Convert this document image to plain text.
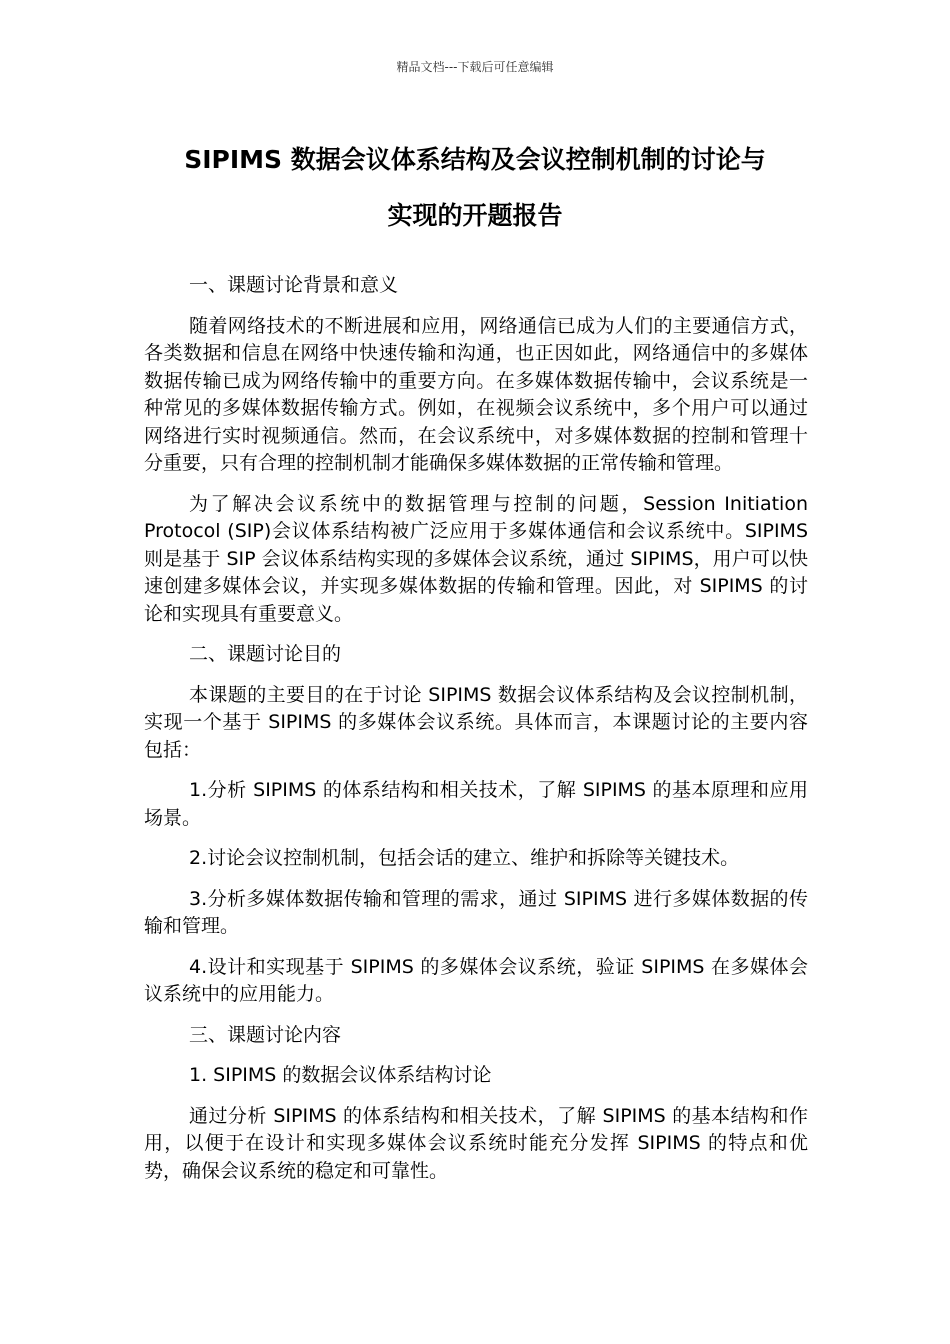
精品文档---下载后可任意编辑
SIPIMS 数据会议体系结构及会议控制机制的讨论与
实现的开题报告

一、课题讨论背景和意义

随着网络技术的不断进展和应用，网络通信已成为人们的主要通信方式，各类数据和信息在网络中快速传输和沟通，也正因如此，网络通信中的多媒体数据传输已成为网络传输中的重要方向。在多媒体数据传输中，会议系统是一种常见的多媒体数据传输方式。例如，在视频会议系统中，多个用户可以通过网络进行实时视频通信。然而，在会议系统中，对多媒体数据的控制和管理十分重要，只有合理的控制机制才能确保多媒体数据的正常传输和管理。

为了解决会议系统中的数据管理与控制的问题，Session Initiation Protocol (SIP)会议体系结构被广泛应用于多媒体通信和会议系统中。SIPIMS 则是基于 SIP 会议体系结构实现的多媒体会议系统，通过 SIPIMS，用户可以快速创建多媒体会议，并实现多媒体数据的传输和管理。因此，对 SIPIMS 的讨论和实现具有重要意义。

二、课题讨论目的

本课题的主要目的在于讨论 SIPIMS 数据会议体系结构及会议控制机制，实现一个基于 SIPIMS 的多媒体会议系统。具体而言，本课题讨论的主要内容包括：

1.分析 SIPIMS 的体系结构和相关技术，了解 SIPIMS 的基本原理和应用场景。

2.讨论会议控制机制，包括会话的建立、维护和拆除等关键技术。

3.分析多媒体数据传输和管理的需求，通过 SIPIMS 进行多媒体数据的传输和管理。

4.设计和实现基于 SIPIMS 的多媒体会议系统，验证 SIPIMS 在多媒体会议系统中的应用能力。

三、课题讨论内容

1. SIPIMS 的数据会议体系结构讨论

通过分析 SIPIMS 的体系结构和相关技术，了解 SIPIMS 的基本结构和作用，以便于在设计和实现多媒体会议系统时能充分发挥 SIPIMS 的特点和优势，确保会议系统的稳定和可靠性。
